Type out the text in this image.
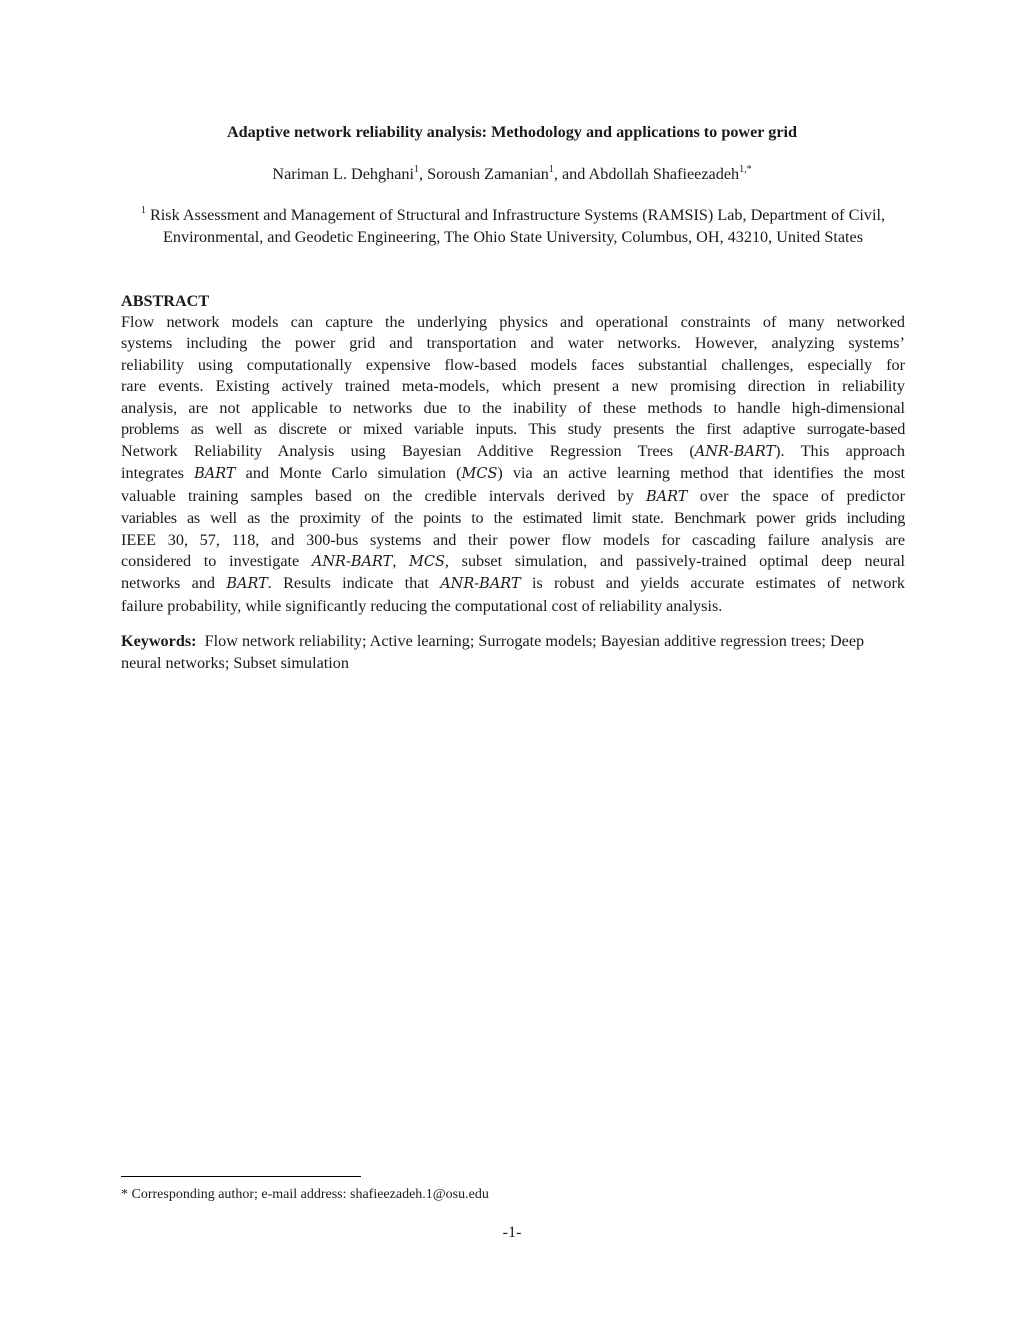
Adaptive network reliability analysis: Methodology and applications to power grid
Nariman L. Dehghani$^1$, Soroush Zamanian$^1$, and Abdollah Shafieezadeh$^{1,*}$
$^1$ Risk Assessment and Management of Structural and Infrastructure Systems (RAMSIS) Lab, Department of Civil, Environmental, and Geodetic Engineering, The Ohio State University, Columbus, OH, 43210, United States
ABSTRACT
Flow network models can capture the underlying physics and operational constraints of many networked
systems including the power grid and transportation and water networks. However, analyzing systems’
reliability using computationally expensive flow-based models faces substantial challenges, especially for
rare events. Existing actively trained meta-models, which present a new promising direction in reliability
analysis, are not applicable to networks due to the inability of these methods to handle high-dimensional
problems as well as discrete or mixed variable inputs. This study presents the first adaptive surrogate-based
Network Reliability Analysis using Bayesian Additive Regression Trees (ANR-BART). This approach
integrates BART and Monte Carlo simulation (MCS) via an active learning method that identifies the most
valuable training samples based on the credible intervals derived by BART over the space of predictor
variables as well as the proximity of the points to the estimated limit state. Benchmark power grids including
IEEE 30, 57, 118, and 300-bus systems and their power flow models for cascading failure analysis are
considered to investigate ANR-BART, MCS, subset simulation, and passively-trained optimal deep neural
networks and BART. Results indicate that ANR-BART is robust and yields accurate estimates of network
failure probability, while significantly reducing the computational cost of reliability analysis.

Keywords: Flow network reliability; Active learning; Surrogate models; Bayesian additive regression trees; Deep neural networks; Subset simulation

* Corresponding author; e-mail address: shafieezadeh.1@osu.edu
-1-
